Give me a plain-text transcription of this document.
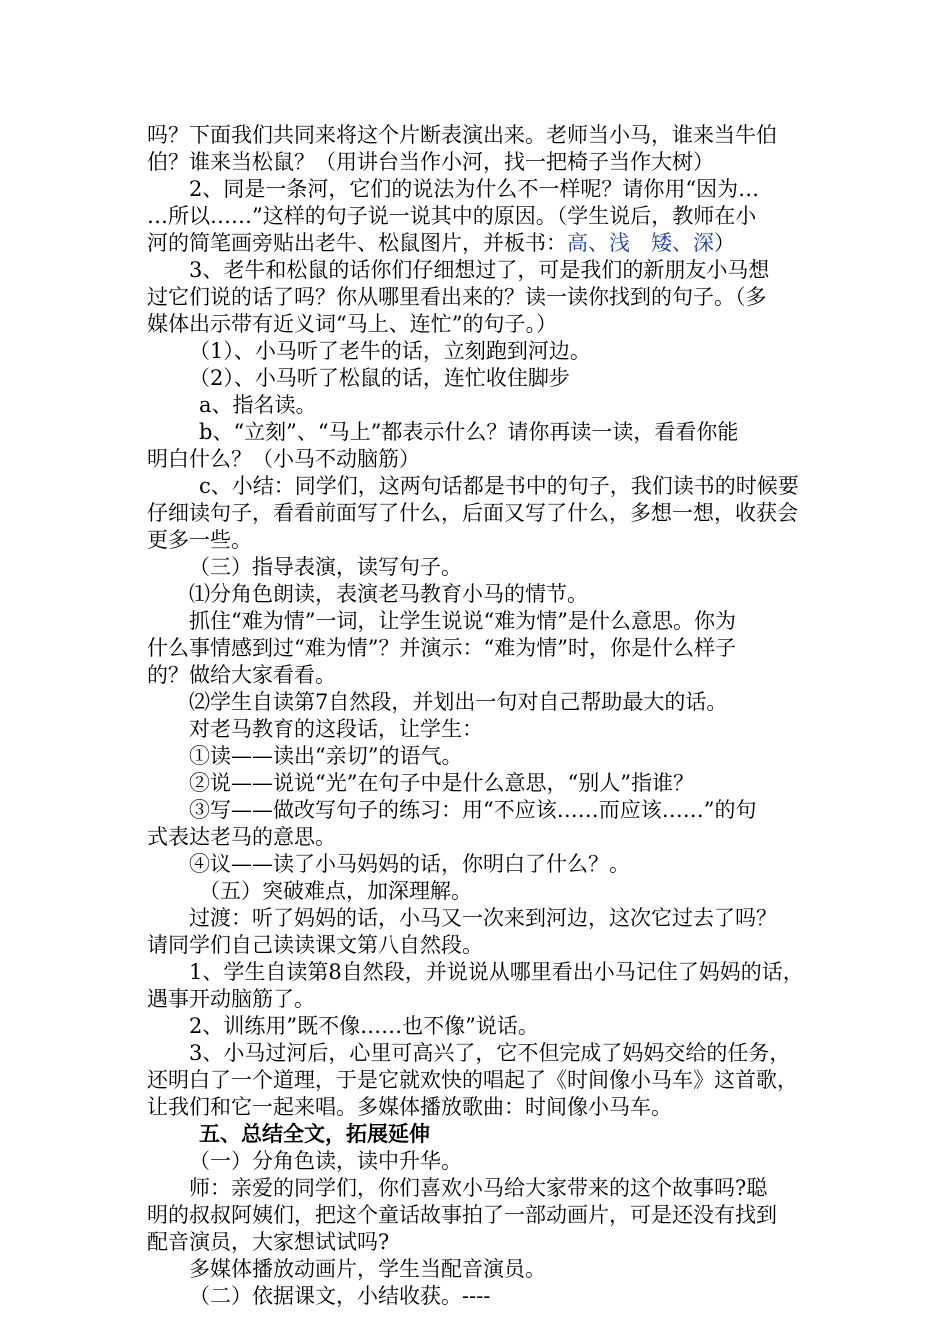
吗？下面我们共同来将这个片断表演出来。老师当小马，谁来当牛伯
伯？谁来当松鼠？（用讲台当作小河，找一把椅子当作大树）
2、同是一条河，它们的说法为什么不一样呢？请你用“因为…
…所以……”这样的句子说一说其中的原因。（学生说后，教师在小
河的简笔画旁贴出老牛、松鼠图片，并板书：高、浅　矮、深）
3、老牛和松鼠的话你们仔细想过了，可是我们的新朋友小马想
过它们说的话了吗？你从哪里看出来的？读一读你找到的句子。（多
媒体出示带有近义词“马上、连忙”的句子。）
（1）、小马听了老牛的话，立刻跑到河边。
（2）、小马听了松鼠的话，连忙收住脚步
a、指名读。
b、“立刻”、“马上”都表示什么？请你再读一读，看看你能
明白什么？（小马不动脑筋）
c、小结：同学们，这两句话都是书中的句子，我们读书的时候要
仔细读句子，看看前面写了什么，后面又写了什么，多想一想，收获会
更多一些。
（三）指导表演，读写句子。
⑴分角色朗读，表演老马教育小马的情节。
抓住“难为情”一词，让学生说说“难为情”是什么意思。你为
什么事情感到过“难为情”？并演示：“难为情”时，你是什么样子
的？做给大家看看。
⑵学生自读第7自然段，并划出一句对自己帮助最大的话。
对老马教育的这段话，让学生：
①读——读出“亲切”的语气。
②说——说说“光”在句子中是什么意思，“别人”指谁？
③写——做改写句子的练习：用“不应该……而应该……”的句
式表达老马的意思。
④议——读了小马妈妈的话，你明白了什么？。
（五）突破难点，加深理解。
过渡：听了妈妈的话，小马又一次来到河边，这次它过去了吗？
请同学们自己读读课文第八自然段。
1、学生自读第8自然段，并说说从哪里看出小马记住了妈妈的话，
遇事开动脑筋了。
2、训练用”既不像……也不像”说话。
3、小马过河后，心里可高兴了，它不但完成了妈妈交给的任务，
还明白了一个道理，于是它就欢快的唱起了《时间像小马车》这首歌，
让我们和它一起来唱。多媒体播放歌曲：时间像小马车。
五、总结全文，拓展延伸
（一）分角色读，读中升华。
师：亲爱的同学们，你们喜欢小马给大家带来的这个故事吗?聪
明的叔叔阿姨们，把这个童话故事拍了一部动画片，可是还没有找到
配音演员，大家想试试吗?
多媒体播放动画片，学生当配音演员。
（二）依据课文，小结收获。----
